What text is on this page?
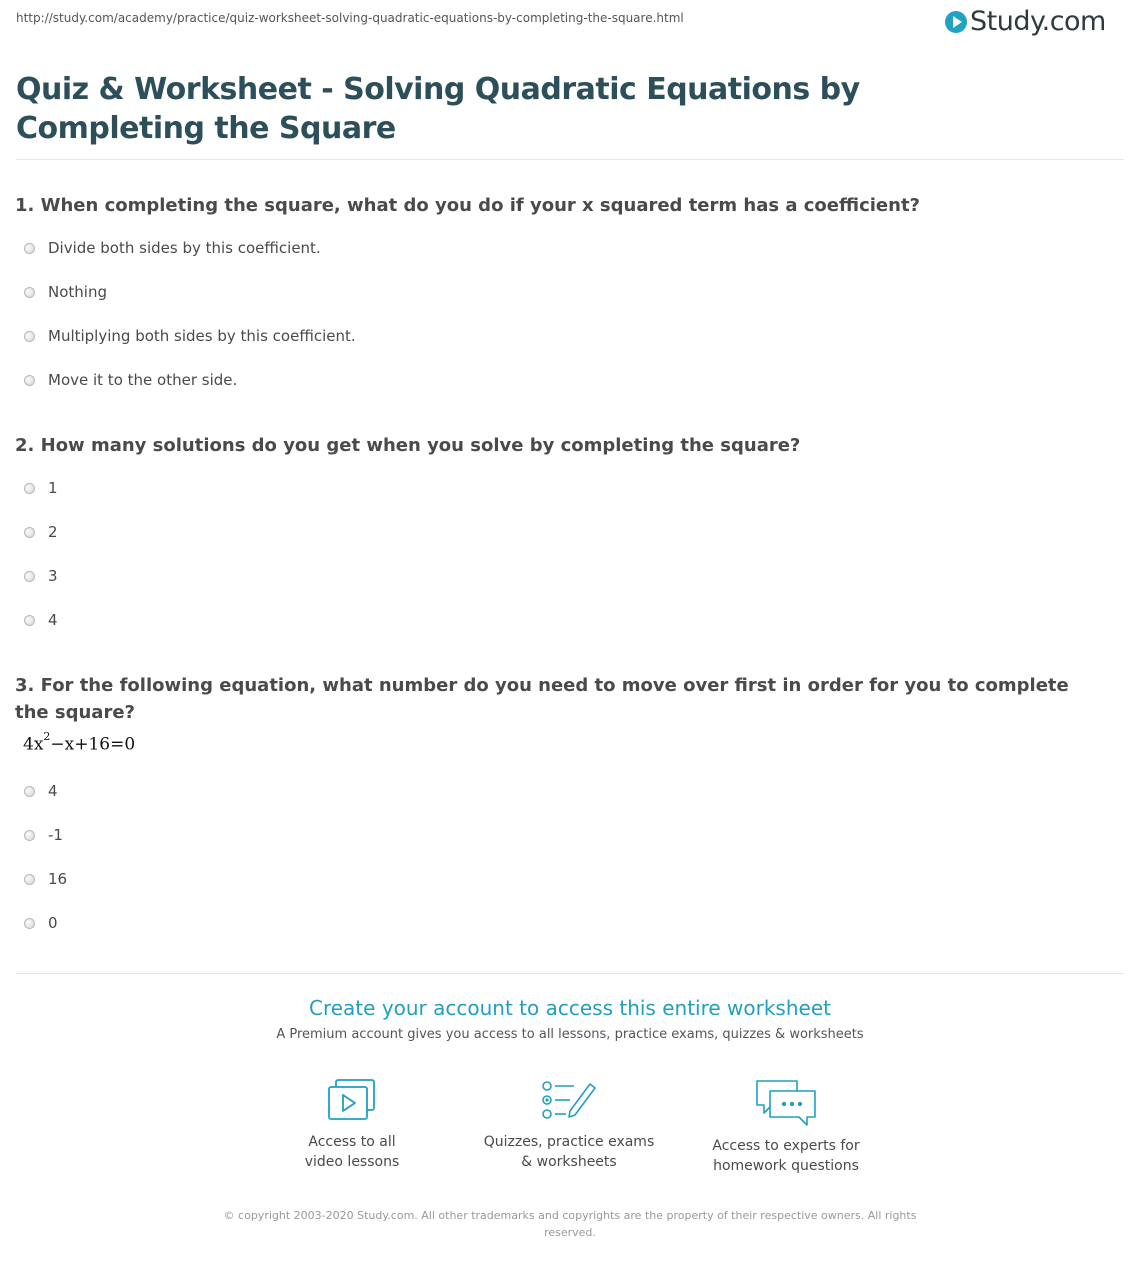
http://study.com/academy/practice/quiz-worksheet-solving-quadratic-equations-by-completing-the-square.html	Study.com
Quiz & Worksheet - Solving Quadratic Equations by Completing the Square
1. When completing the square, what do you do if your x squared term has a coefficient?
Divide both sides by this coefficient.
Nothing
Multiplying both sides by this coefficient.
Move it to the other side.
2. How many solutions do you get when you solve by completing the square?
1
2
3
4
3. For the following equation, what number do you need to move over first in order for you to complete the square?
$4x^2-x+16=0$
4
-1
16
0
Create your account to access this entire worksheet
A Premium account gives you access to all lessons, practice exams, quizzes & worksheets
Access to all
video lessons
Quizzes, practice exams
& worksheets
Access to experts for
homework questions
© copyright 2003-2020 Study.com. All other trademarks and copyrights are the property of their respective owners. All rights reserved.
